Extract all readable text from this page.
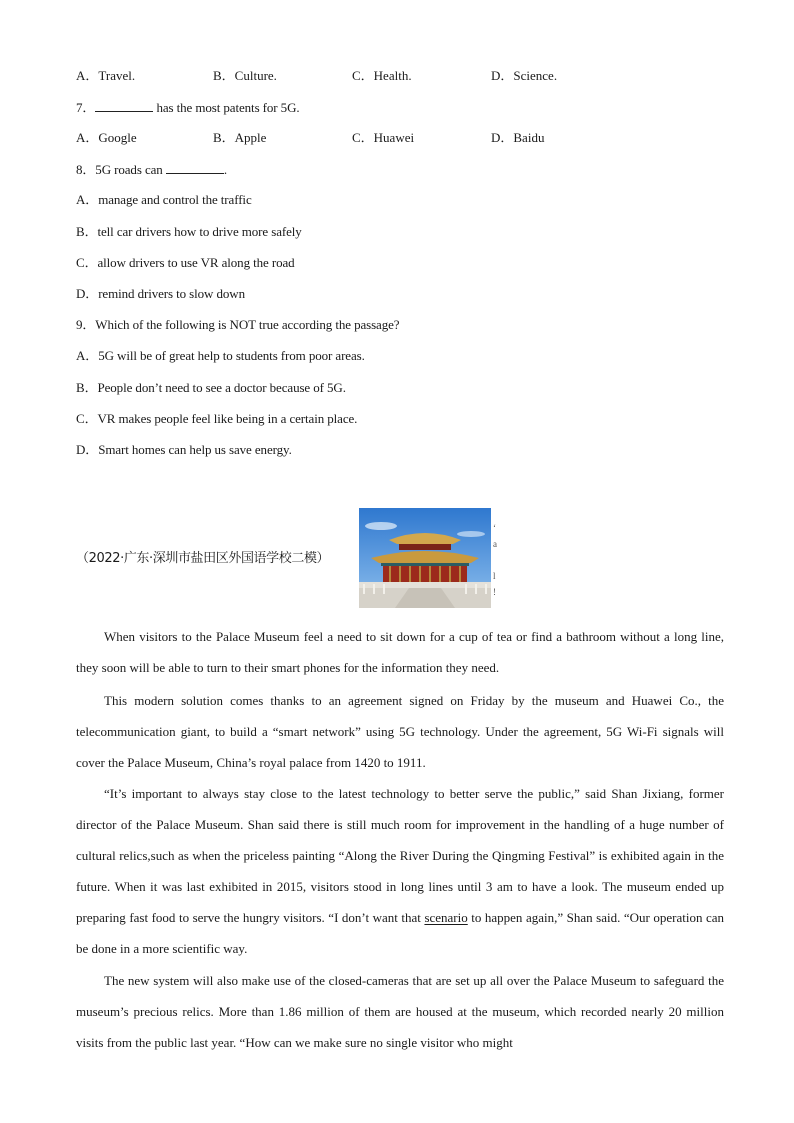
A．Travel.	B．Culture.	C．Health.	D．Science.
7．	has the most patents for 5G.
A．Google	B．Apple	C．Huawei	D．Baidu
8．5G roads can	.
A．manage and control the traffic
B．tell car drivers how to drive more safely
C．allow drivers to use VR along the road
D．remind drivers to slow down
9．Which of the following is NOT true according the passage?
A．5G will be of great help to students from poor areas.
B．People don’t need to see a doctor because of 5G.
C．VR makes people feel like being in a certain place.
D．Smart homes can help us save energy.
（2022·广东·深圳市盐田区外国语学校二模）
‘
a

l
!
When visitors to the Palace Museum feel a need to sit down for a cup of tea or find a bathroom without a long line, they soon will be able to turn to their smart phones for the information they need.
This modern solution comes thanks to an agreement signed on Friday by the museum and Huawei Co., the telecommunication giant, to build a “smart network” using 5G technology. Under the agreement, 5G Wi-Fi signals will cover the Palace Museum, China’s royal palace from 1420 to 1911.
“It’s important to always stay close to the latest technology to better serve the public,” said Shan Jixiang, former director of the Palace Museum. Shan said there is still much room for improvement in the handling of a huge number of cultural relics,such as when the priceless painting “Along the River During the Qingming Festival” is exhibited again in the future. When it was last exhibited in 2015, visitors stood in long lines until 3 am to have a look. The museum ended up preparing fast food to serve the hungry visitors. “I don’t want that scenario to happen again,” Shan said. “Our operation can be done in a more scientific way.
The new system will also make use of the closed-cameras that are set up all over the Palace Museum to safeguard the museum’s precious relics. More than 1.86 million of them are housed at the museum, which recorded nearly 20 million visits from the public last year. “How can we make sure no single visitor who might
